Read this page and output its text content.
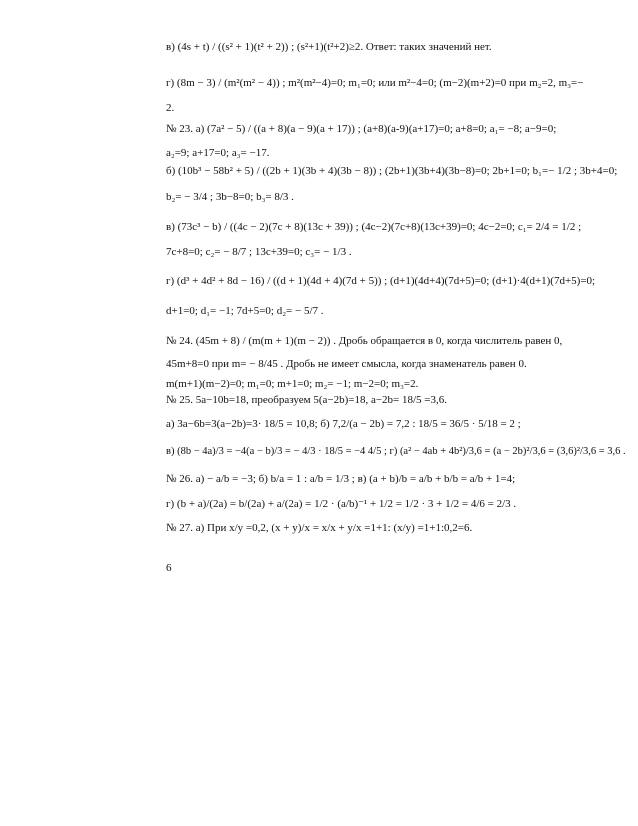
в) (4s + t) / ((s² + 1)(t² + 2)) ; (s²+1)(t²+2)≥2. Ответ: таких значений нет.
г) (8m − 3) / (m²(m² − 4)) ; m²(m²−4)=0; m₁=0; или m²−4=0; (m−2)(m+2)=0 при m₂=2, m₃=−
2.
№ 23. а) (7a² − 5) / ((a + 8)(a − 9)(a + 17)) ; (a+8)(a-9)(a+17)=0; a+8=0; a₁= −8; a−9=0;
a₂=9; a+17=0; a₃= −17.
б) (10b³ − 58b² + 5) / ((2b + 1)(3b + 4)(3b − 8)) ; (2b+1)(3b+4)(3b−8)=0; 2b+1=0; b₁=− 1/2 ; 3b+4=0;
b₂= − 3/4 ; 3b−8=0; b₃= 8/3 .
в) (73c³ − b) / ((4c − 2)(7c + 8)(13c + 39)) ; (4c−2)(7c+8)(13c+39)=0; 4c−2=0; c₁= 2/4 = 1/2 ;
7c+8=0; c₂= − 8/7 ; 13c+39=0; c₃= − 1/3 .
г) (d³ + 4d² + 8d − 16) / ((d + 1)(4d + 4)(7d + 5)) ; (d+1)(4d+4)(7d+5)=0; (d+1)·4(d+1)(7d+5)=0;
d+1=0; d₁= −1; 7d+5=0; d₂= − 5/7 .
№ 24. (45m + 8) / (m(m + 1)(m − 2)) . Дробь обращается в 0, когда числитель равен 0,
45m+8=0 при m= − 8/45 . Дробь не имеет смысла, когда знаменатель равен 0.
m(m+1)(m−2)=0; m₁=0; m+1=0; m₂= −1; m−2=0; m₃=2.
№ 25. 5a−10b=18, преобразуем 5(a−2b)=18, a−2b= 18/5 =3,6.
а) 3a−6b=3(a−2b)=3· 18/5 = 10,8; б) 7,2/(a − 2b) = 7,2 : 18/5 = 36/5 · 5/18 = 2 ;
в) (8b − 4a)/3 = −4(a − b)/3 = − 4/3 · 18/5 = −4 4/5 ; г) (a² − 4ab + 4b²)/3,6 = (a − 2b)²/3,6 = (3,6)²/3,6 = 3,6 .
№ 26. а) − a/b = −3; б) b/a = 1 : a/b = 1/3 ; в) (a + b)/b = a/b + b/b = a/b + 1=4;
г) (b + a)/(2a) = b/(2a) + a/(2a) = 1/2 · (a/b)⁻¹ + 1/2 = 1/2 · 3 + 1/2 = 4/6 = 2/3 .
№ 27. а) При x/y =0,2, (x + y)/x = x/x + y/x =1+1: (x/y) =1+1:0,2=6.
6
